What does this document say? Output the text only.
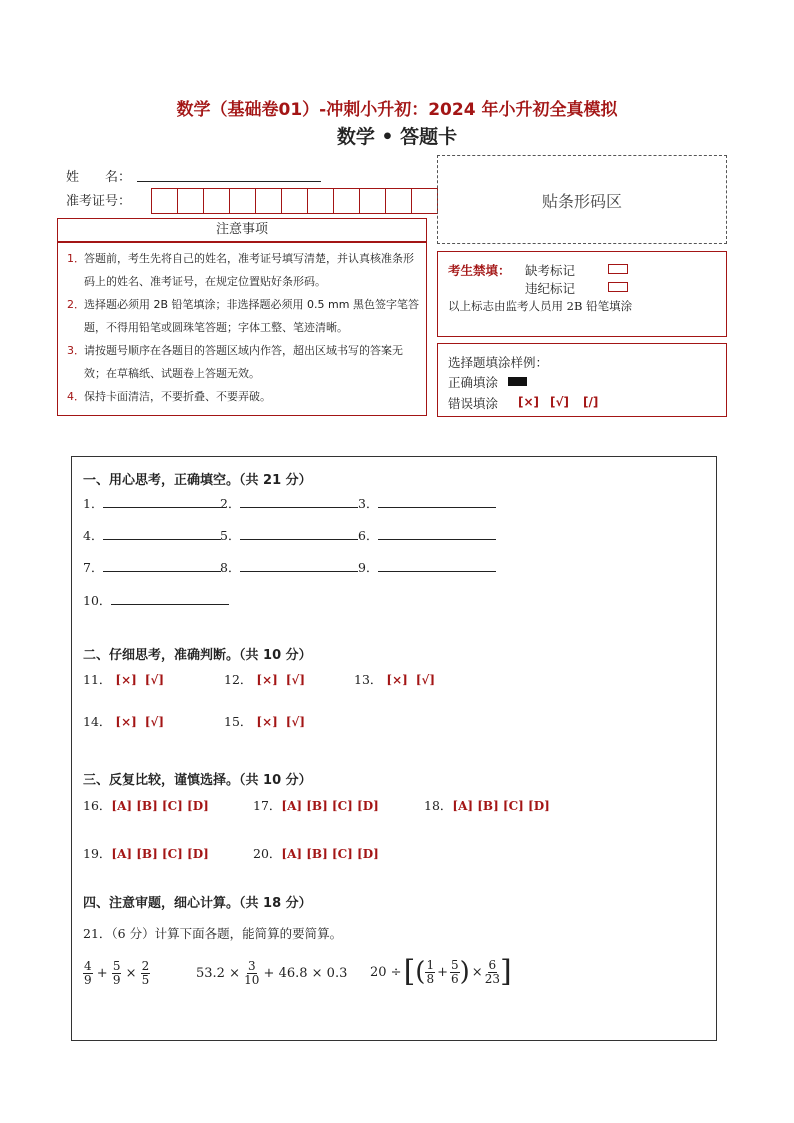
数学（基础卷01）-冲刺小升初：2024 年小升初全真模拟
数学 • 答题卡
姓　　名：
准考证号：	贴条形码区
注意事项
1． 答题前，考生先将自己的姓名，准考证号填写清楚，并认真核准条形码上的姓名、准考证号，在规定位置贴好条形码。
2． 选择题必须用 2B 铅笔填涂；非选择题必须用 0.5 mm 黑色签字笔答题，不得用铅笔或圆珠笔答题；字体工整、笔迹清晰。
3． 请按题号顺序在各题目的答题区域内作答，超出区域书写的答案无效；在草稿纸、试题卷上答题无效。
4． 保持卡面清洁，不要折叠、不要弄破。
考生禁填： 缺考标记
违纪标记
以上标志由监考人员用 2B 铅笔填涂
选择题填涂样例：
正确填涂
错误填涂 [×] [√] [/]
一、用心思考，正确填空。（共 21 分）
1．	2．	3．
4．	5．	6．
7．	8．	9．
10．
二、仔细思考，准确判断。（共 10 分）
11． [×] [√]	12． [×] [√]	13． [×] [√]
14． [×] [√]	15． [×] [√]
三、反复比较，谨慎选择。（共 10 分）
16．[A] [B] [C] [D]	17．[A] [B] [C] [D]	18．[A] [B] [C] [D]
19．[A] [B] [C] [D]	20．[A] [B] [C] [D]
四、注意审题，细心计算。（共 18 分）
21．（6 分）计算下面各题，能简算的要简算。
$\frac{4}{9} + \frac{5}{9} \times \frac{2}{5}$	$53.2 \times \frac{3}{10} + 46.8 \times 0.3$ 20 ÷ [ ( $\frac{1}{8} + \frac{5}{6}$ ) × $\frac{6}{23}$ ]
